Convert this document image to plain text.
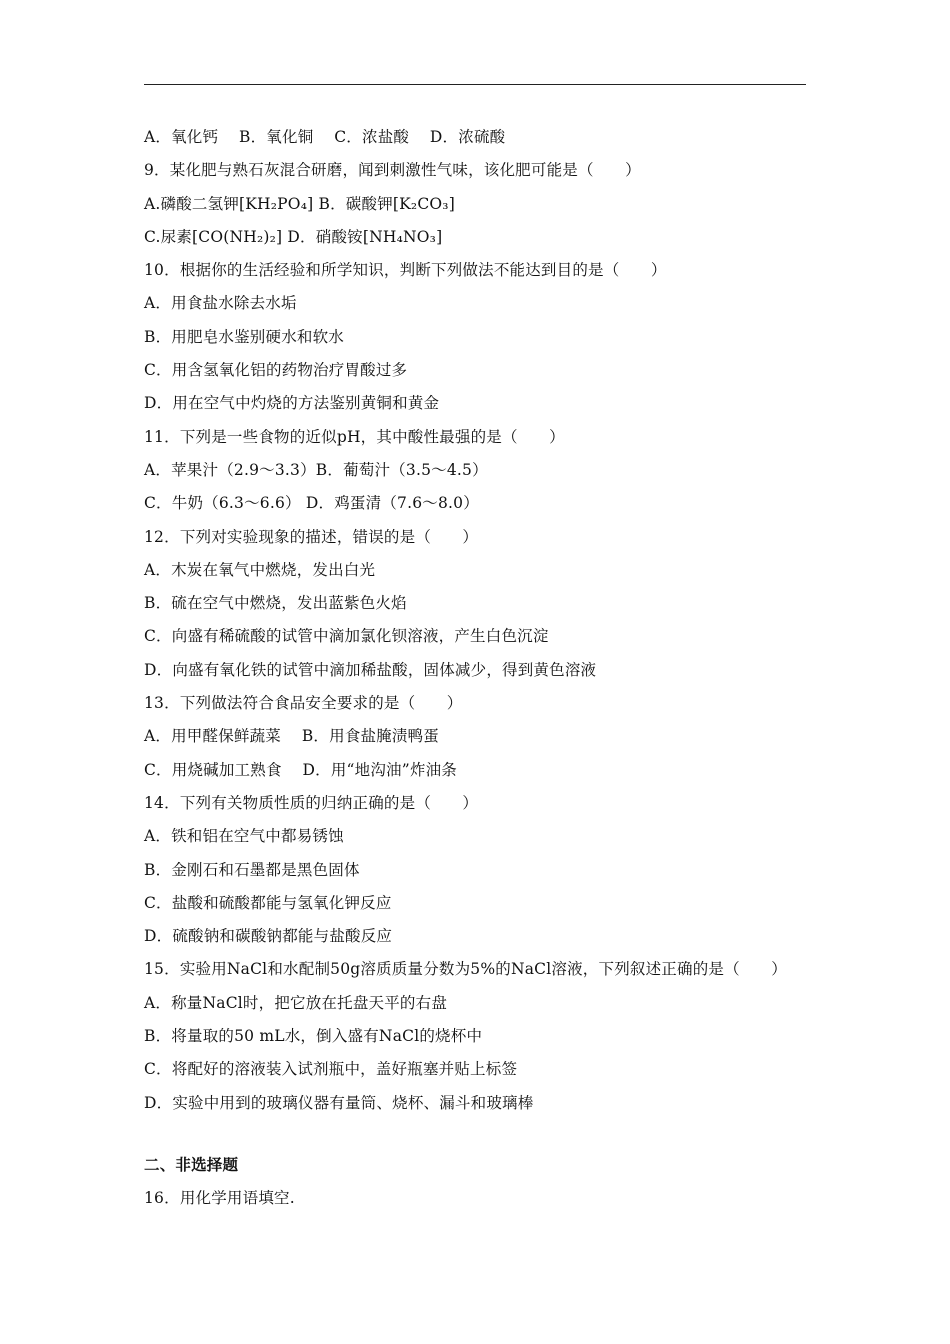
A．氧化钙　 B．氧化铜　 C．浓盐酸　 D．浓硫酸
9．某化肥与熟石灰混合研磨，闻到刺激性气味，该化肥可能是（　　）
A.磷酸二氢钾[KH₂PO₄] B．碳酸钾[K₂CO₃]
C.尿素[CO(NH₂)₂] D．硝酸铵[NH₄NO₃]
10．根据你的生活经验和所学知识，判断下列做法不能达到目的是（　　）
A．用食盐水除去水垢
B．用肥皂水鉴别硬水和软水
C．用含氢氧化铝的药物治疗胃酸过多
D．用在空气中灼烧的方法鉴别黄铜和黄金
11．下列是一些食物的近似pH，其中酸性最强的是（　　）
A．苹果汁（2.9～3.3）B．葡萄汁（3.5～4.5）
C．牛奶（6.3～6.6） D．鸡蛋清（7.6～8.0）
12．下列对实验现象的描述，错误的是（　　）
A．木炭在氧气中燃烧，发出白光
B．硫在空气中燃烧，发出蓝紫色火焰
C．向盛有稀硫酸的试管中滴加氯化钡溶液，产生白色沉淀
D．向盛有氧化铁的试管中滴加稀盐酸，固体减少，得到黄色溶液
13．下列做法符合食品安全要求的是（　　）
A．用甲醛保鲜蔬菜　 B．用食盐腌渍鸭蛋
C．用烧碱加工熟食　 D．用“地沟油”炸油条
14．下列有关物质性质的归纳正确的是（　　）
A．铁和铝在空气中都易锈蚀
B．金刚石和石墨都是黑色固体
C．盐酸和硫酸都能与氢氧化钾反应
D．硫酸钠和碳酸钠都能与盐酸反应
15．实验用NaCl和水配制50g溶质质量分数为5%的NaCl溶液，下列叙述正确的是（　　）
A．称量NaCl时，把它放在托盘天平的右盘
B．将量取的50 mL水，倒入盛有NaCl的烧杯中
C．将配好的溶液装入试剂瓶中，盖好瓶塞并贴上标签
D．实验中用到的玻璃仪器有量筒、烧杯、漏斗和玻璃棒
二、非选择题
16．用化学用语填空.
